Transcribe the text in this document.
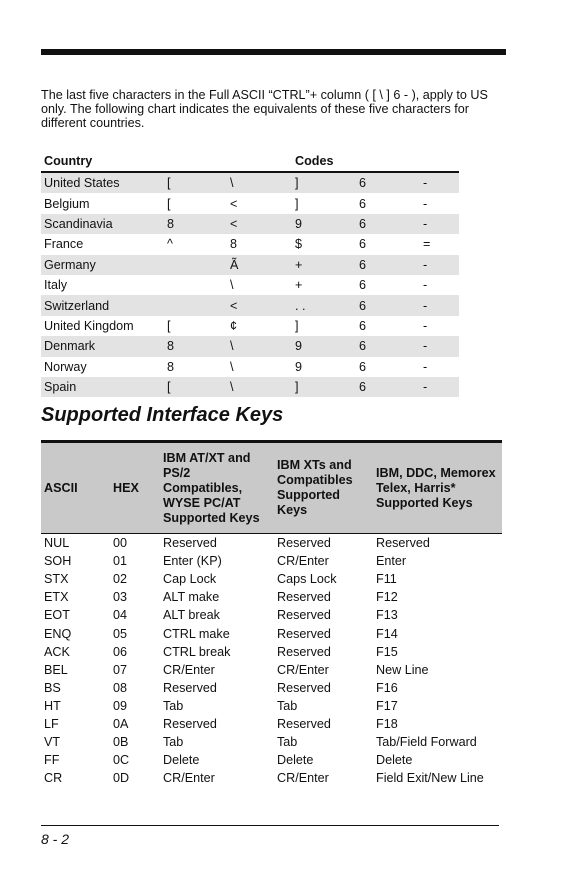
The last five characters in the Full ASCII “CTRL”+ column ( [ \ ] 6 - ), apply to US only. The following chart indicates the equivalents of these five characters for different countries.

Country			Codes		
United States	[	\	]	6	-
Belgium	[	<	]	6	-
Scandinavia	8	<	9	6	-
France	^	8	$	6	=
Germany		Ã	+	6	-
Italy		\	+	6	-
Switzerland		<	. .	6	-
United Kingdom	[	¢	]	6	-
Denmark	8	\	9	6	-
Norway	8	\	9	6	-
Spain	[	\	]	6	-
Supported Interface Keys
ASCII	HEX	IBM AT/XT and PS/2 Compatibles, WYSE PC/AT Supported Keys	IBM XTs and Compatibles Supported Keys	IBM, DDC, Memorex Telex, Harris* Supported Keys
NUL	00	Reserved	Reserved	Reserved
SOH	01	Enter (KP)	CR/Enter	Enter
STX	02	Cap Lock	Caps Lock	F11
ETX	03	ALT make	Reserved	F12
EOT	04	ALT break	Reserved	F13
ENQ	05	CTRL make	Reserved	F14
ACK	06	CTRL break	Reserved	F15
BEL	07	CR/Enter	CR/Enter	New Line
BS	08	Reserved	Reserved	F16
HT	09	Tab	Tab	F17
LF	0A	Reserved	Reserved	F18
VT	0B	Tab	Tab	Tab/Field Forward
FF	0C	Delete	Delete	Delete
CR	0D	CR/Enter	CR/Enter	Field Exit/New Line
8 - 2
